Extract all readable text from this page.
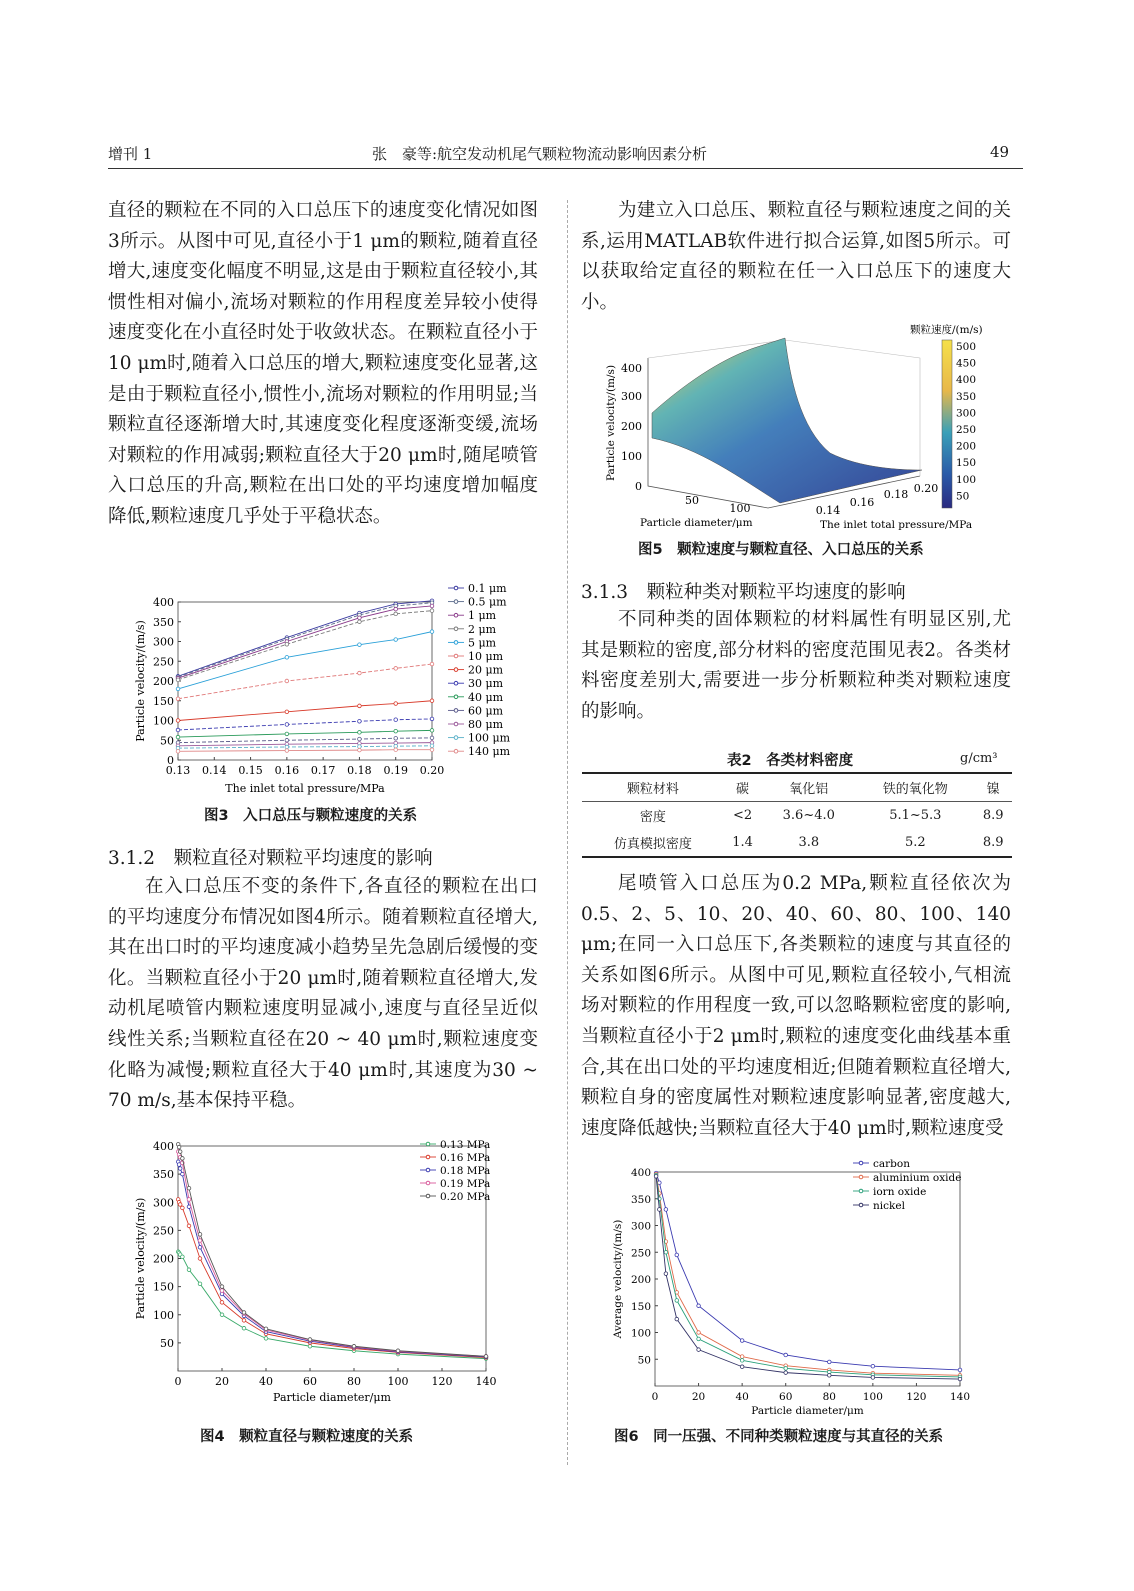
增刊 1	张　豪等:航空发动机尾气颗粒物流动影响因素分析	49

直径的颗粒在不同的入口总压下的速度变化情况如图3所示。从图中可见,直径小于1 μm的颗粒,随着直径增大,速度变化幅度不明显,这是由于颗粒直径较小,其惯性相对偏小,流场对颗粒的作用程度差异较小使得速度变化在小直径时处于收敛状态。在颗粒直径小于10 μm时,随着入口总压的增大,颗粒速度变化显著,这是由于颗粒直径小,惯性小,流场对颗粒的作用明显;当颗粒直径逐渐增大时,其速度变化程度逐渐变缓,流场对颗粒的作用减弱;颗粒直径大于20 μm时,随尾喷管入口总压的升高,颗粒在出口处的平均速度增加幅度降低,颗粒速度几乎处于平稳状态。

0.13 0.14 0.15 0.16 0.17 0.18 0.19 0.20
0
50
100
150
200
250
300
350
400
The inlet total pressure/MPa
Particle velocity/(m/s)
0.1 μm
0.5 μm
1 μm
2 μm
5 μm
10 μm
20 μm
30 μm
40 μm
60 μm
80 μm
100 μm
140 μm
图3　入口总压与颗粒速度的关系
3.1.2　颗粒直径对颗粒平均速度的影响

在入口总压不变的条件下,各直径的颗粒在出口的平均速度分布情况如图4所示。随着颗粒直径增大,其在出口时的平均速度减小趋势呈先急剧后缓慢的变化。当颗粒直径小于20 μm时,随着颗粒直径增大,发动机尾喷管内颗粒速度明显减小,速度与直径呈近似线性关系;当颗粒直径在20 ~ 40 μm时,颗粒速度变化略为减慢;颗粒直径大于40 μm时,其速度为30 ~ 70 m/s,基本保持平稳。

0	20	40	60	80 100 120 140
50
100
150
200
250
300
350
400
Particle diameter/μm
Particle velocity/(m/s)
0.13 MPa
0.16 MPa
0.18 MPa
0.19 MPa
0.20 MPa
图4　颗粒直径与颗粒速度的关系

为建立入口总压、颗粒直径与颗粒速度之间的关系,运用MATLAB软件进行拟合运算,如图5所示。可以获取给定直径的颗粒在任一入口总压下的速度大小。

0
100
200
300
400
Particle velocity/(m/s)
50
100
Particle diameter/μm
0.14
0.16
0.18 0.20
The inlet total pressure/MPa
颗粒速度/(m/s)
500
450
400
350
300
250
200
150
100
50
图5　颗粒速度与颗粒直径、入口总压的关系
3.1.3　颗粒种类对颗粒平均速度的影响

不同种类的固体颗粒的材料属性有明显区别,尤其是颗粒的密度,部分材料的密度范围见表2。各类材料密度差别大,需要进一步分析颗粒种类对颗粒速度的影响。

表2　各类材料密度	g/cm³
颗粒材料	碳	氧化铝	铁的氧化物	镍
密度	<2	3.6~4.0	5.1~5.3	8.9
仿真模拟密度	1.4	3.8	5.2	8.9

尾喷管入口总压为0.2 MPa,颗粒直径依次为0.5、2、5、10、20、40、60、80、100、140 μm;在同一入口总压下,各类颗粒的速度与其直径的关系如图6所示。从图中可见,颗粒直径较小,气相流场对颗粒的作用程度一致,可以忽略颗粒密度的影响,当颗粒直径小于2 μm时,颗粒的速度变化曲线基本重合,其在出口处的平均速度相近;但随着颗粒直径增大,颗粒自身的密度属性对颗粒速度影响显著,密度越大,速度降低越快;当颗粒直径大于40 μm时,颗粒速度受

0	20	40	60	80	100 120 140
50
100
150
200
250
300
350
400
Particle diameter/μm
Average velocity/(m/s)
carbon
aluminium oxide
iorn oxide
nickel
图6　同一压强、不同种类颗粒速度与其直径的关系
